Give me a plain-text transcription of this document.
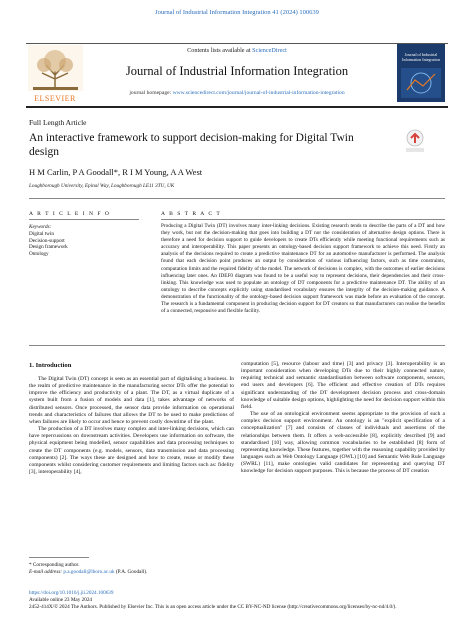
Journal of Industrial Information Integration 41 (2024) 100639
ELSEVIER
Contents lists available at ScienceDirect
Journal of Industrial Information Integration
journal homepage: www.sciencedirect.com/journal/journal-of-industrial-information-integration
Journal of Industrial Information Integration
Full Length Article
An interactive framework to support decision-making for Digital Twin design
H M Carlin, P A Goodall*, R I M Young, A A West
Loughborough University, Epinal Way, Loughborough LE11 3TU, UK
A R T I C L E I N F O
Keywords:
Digital twin
Decision-support
Design framework
Ontology
A B S T R A C T
Producing a Digital Twin (DT) involves many inter-linking decisions. Existing research tends to describe the parts of a DT and how they work, but not the decision-making that goes into building a DT nor the consideration of alternative design options. There is therefore a need for decision support to guide developers to create DTs efficiently while meeting functional requirements such as accuracy and interoperability. This paper presents an ontology-based decision support framework to achieve this need. Firstly an analysis of the decisions required to create a predictive maintenance DT for an automotive manufacturer is performed. The analysis found that each decision point produces an output by consideration of various influencing factors, such as time constraints, computation limits and the required fidelity of the model. The network of decisions is complex, with the outcomes of earlier decisions influencing later ones. An IDEF0 diagram was found to be a useful way to represent decisions, their dependencies and their cross-linking. This knowledge was used to populate an ontology of DT components for a predictive maintenance DT. The ability of an ontology to describe concepts explicitly using standardised vocabulary ensures the integrity of the decision-making guidance. A demonstration of the functionality of the ontology-based decision support framework was made before an evaluation of the concept. The research is a fundamental component in producing decision support for DT creators so that manufacturers can realise the benefits of a connected, responsive and flexible facility.
1. Introduction

The Digital Twin (DT) concept is seen as an essential part of digitalising a business. In the realm of predictive maintenance in the manufacturing sector DTs offer the potential to improve the efficiency and productivity of a plant. The DT, as a virtual duplicate of a system built from a fusion of models and data [1], takes advantage of networks of distributed sensors. Once processed, the sensor data provide information on operational trends and characteristics of failures that allows the DT to be used to make predictions of when failures are likely to occur and hence to prevent costly downtime of the plant.

The production of a DT involves many complex and inter-linking decisions, which can have repercussions on downstream activities. Developers use information on software, the physical equipment being modelled, sensor capabilities and data processing techniques to create the DT components (e.g. models, sensors, data transmission and data processing components) [2]. The ways these are designed and how to create, reuse or modify these components whilst considering customer requirements and limiting factors such as: fidelity [3], interoperability [4],

computation [5], resource (labour and time) [3] and privacy [3]. Interoperability is an important consideration when developing DTs due to their highly connected nature, requiring technical and semantic standardisation between software components, sensors, end users and developers [6]. The efficient and effective creation of DTs requires significant understanding of the DT development decision process and cross-domain knowledge of suitable design options, highlighting the need for decision support within this field.

The use of an ontological environment seems appropriate to the provision of such a complex decision support environment. An ontology is an "explicit specification of a conceptualization" [7] and consists of classes of individuals and assertions of the relationships between them. It offers a web-accessible [8], explicitly described [9] and standardised [10] way, allowing common vocabularies to be established [8] form of representing knowledge. These features, together with the reasoning capability provided by languages such as Web Ontology Language (OWL) [10] and Semantic Web Rule Language (SWRL) [11], make ontologies valid candidates for representing and querying DT knowledge for decision support purposes. This is because the process of DT creation

* Corresponding author.
E-mail address: p.a.goodall@lboro.ac.uk (P.A. Goodall).
https://doi.org/10.1016/j.jii.2024.100639
Available online 23 May 2024
2452-414X/© 2024 The Authors. Published by Elsevier Inc. This is an open access article under the CC BY-NC-ND license (http://creativecommons.org/licenses/by-nc-nd/4.0/).
